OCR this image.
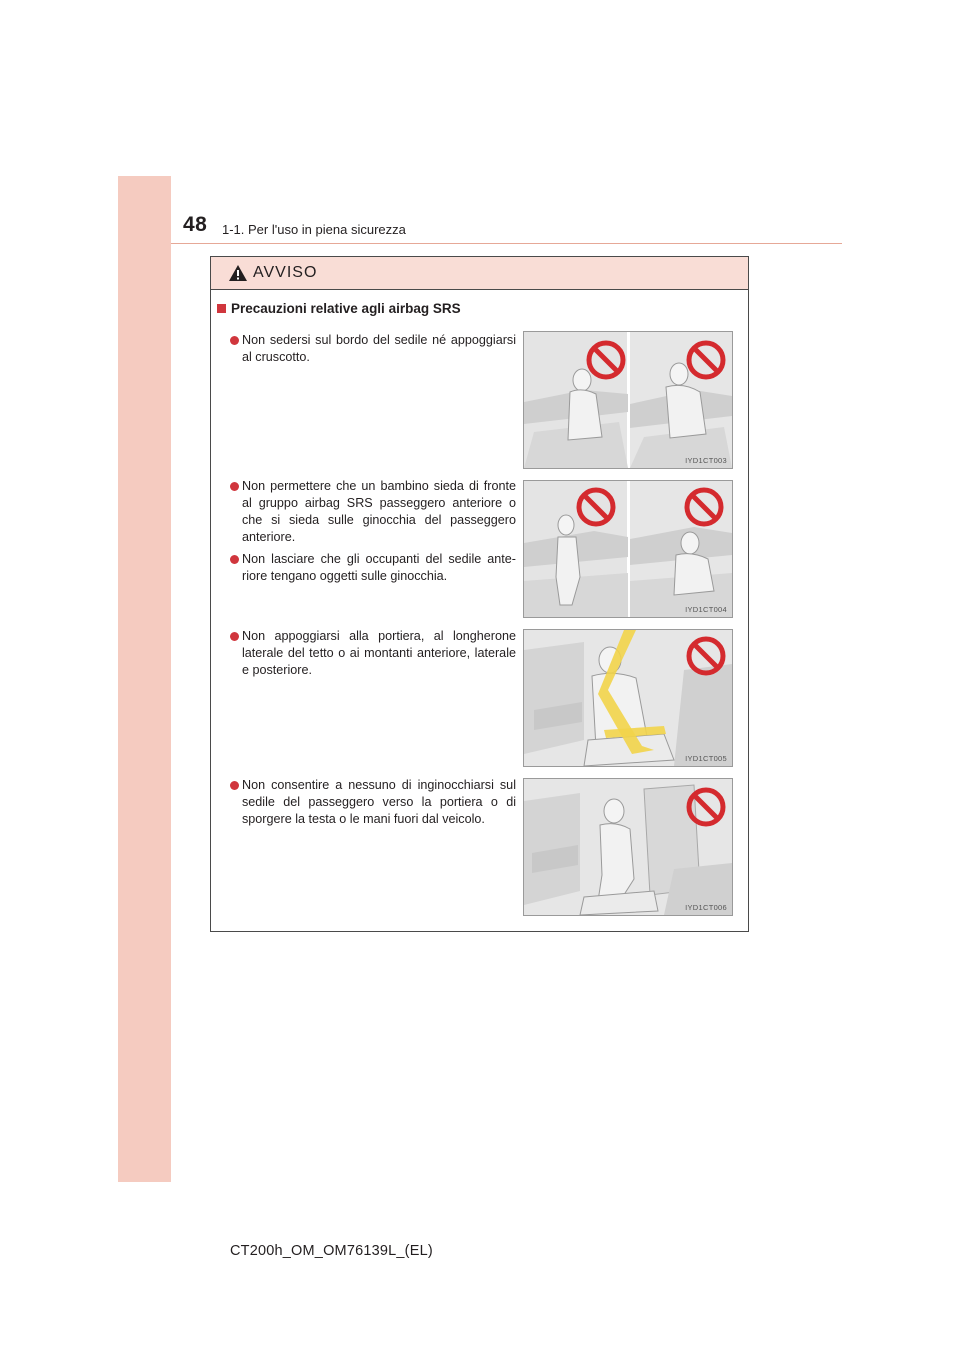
48 1-1. Per l'uso in piena sicurezza
AVVISO
Precauzioni relative agli airbag SRS
Non sedersi sul bordo del sedile né appoggiarsi al cruscotto.
Non permettere che un bambino sieda di fronte al gruppo airbag SRS passeggero anteriore o che si sieda sulle ginocchia del passeggero anteriore.
Non lasciare che gli occupanti del sedile ante-riore tengano oggetti sulle ginocchia.
Non appoggiarsi alla portiera, al longherone laterale del tetto o ai montanti anteriore, laterale e posteriore.
Non consentire a nessuno di inginocchiarsi sul sedile del passeggero verso la portiera o di sporgere la testa o le mani fuori dal veicolo.
IYD1CT003
IYD1CT004
IYD1CT005
IYD1CT006
CT200h_OM_OM76139L_(EL)
